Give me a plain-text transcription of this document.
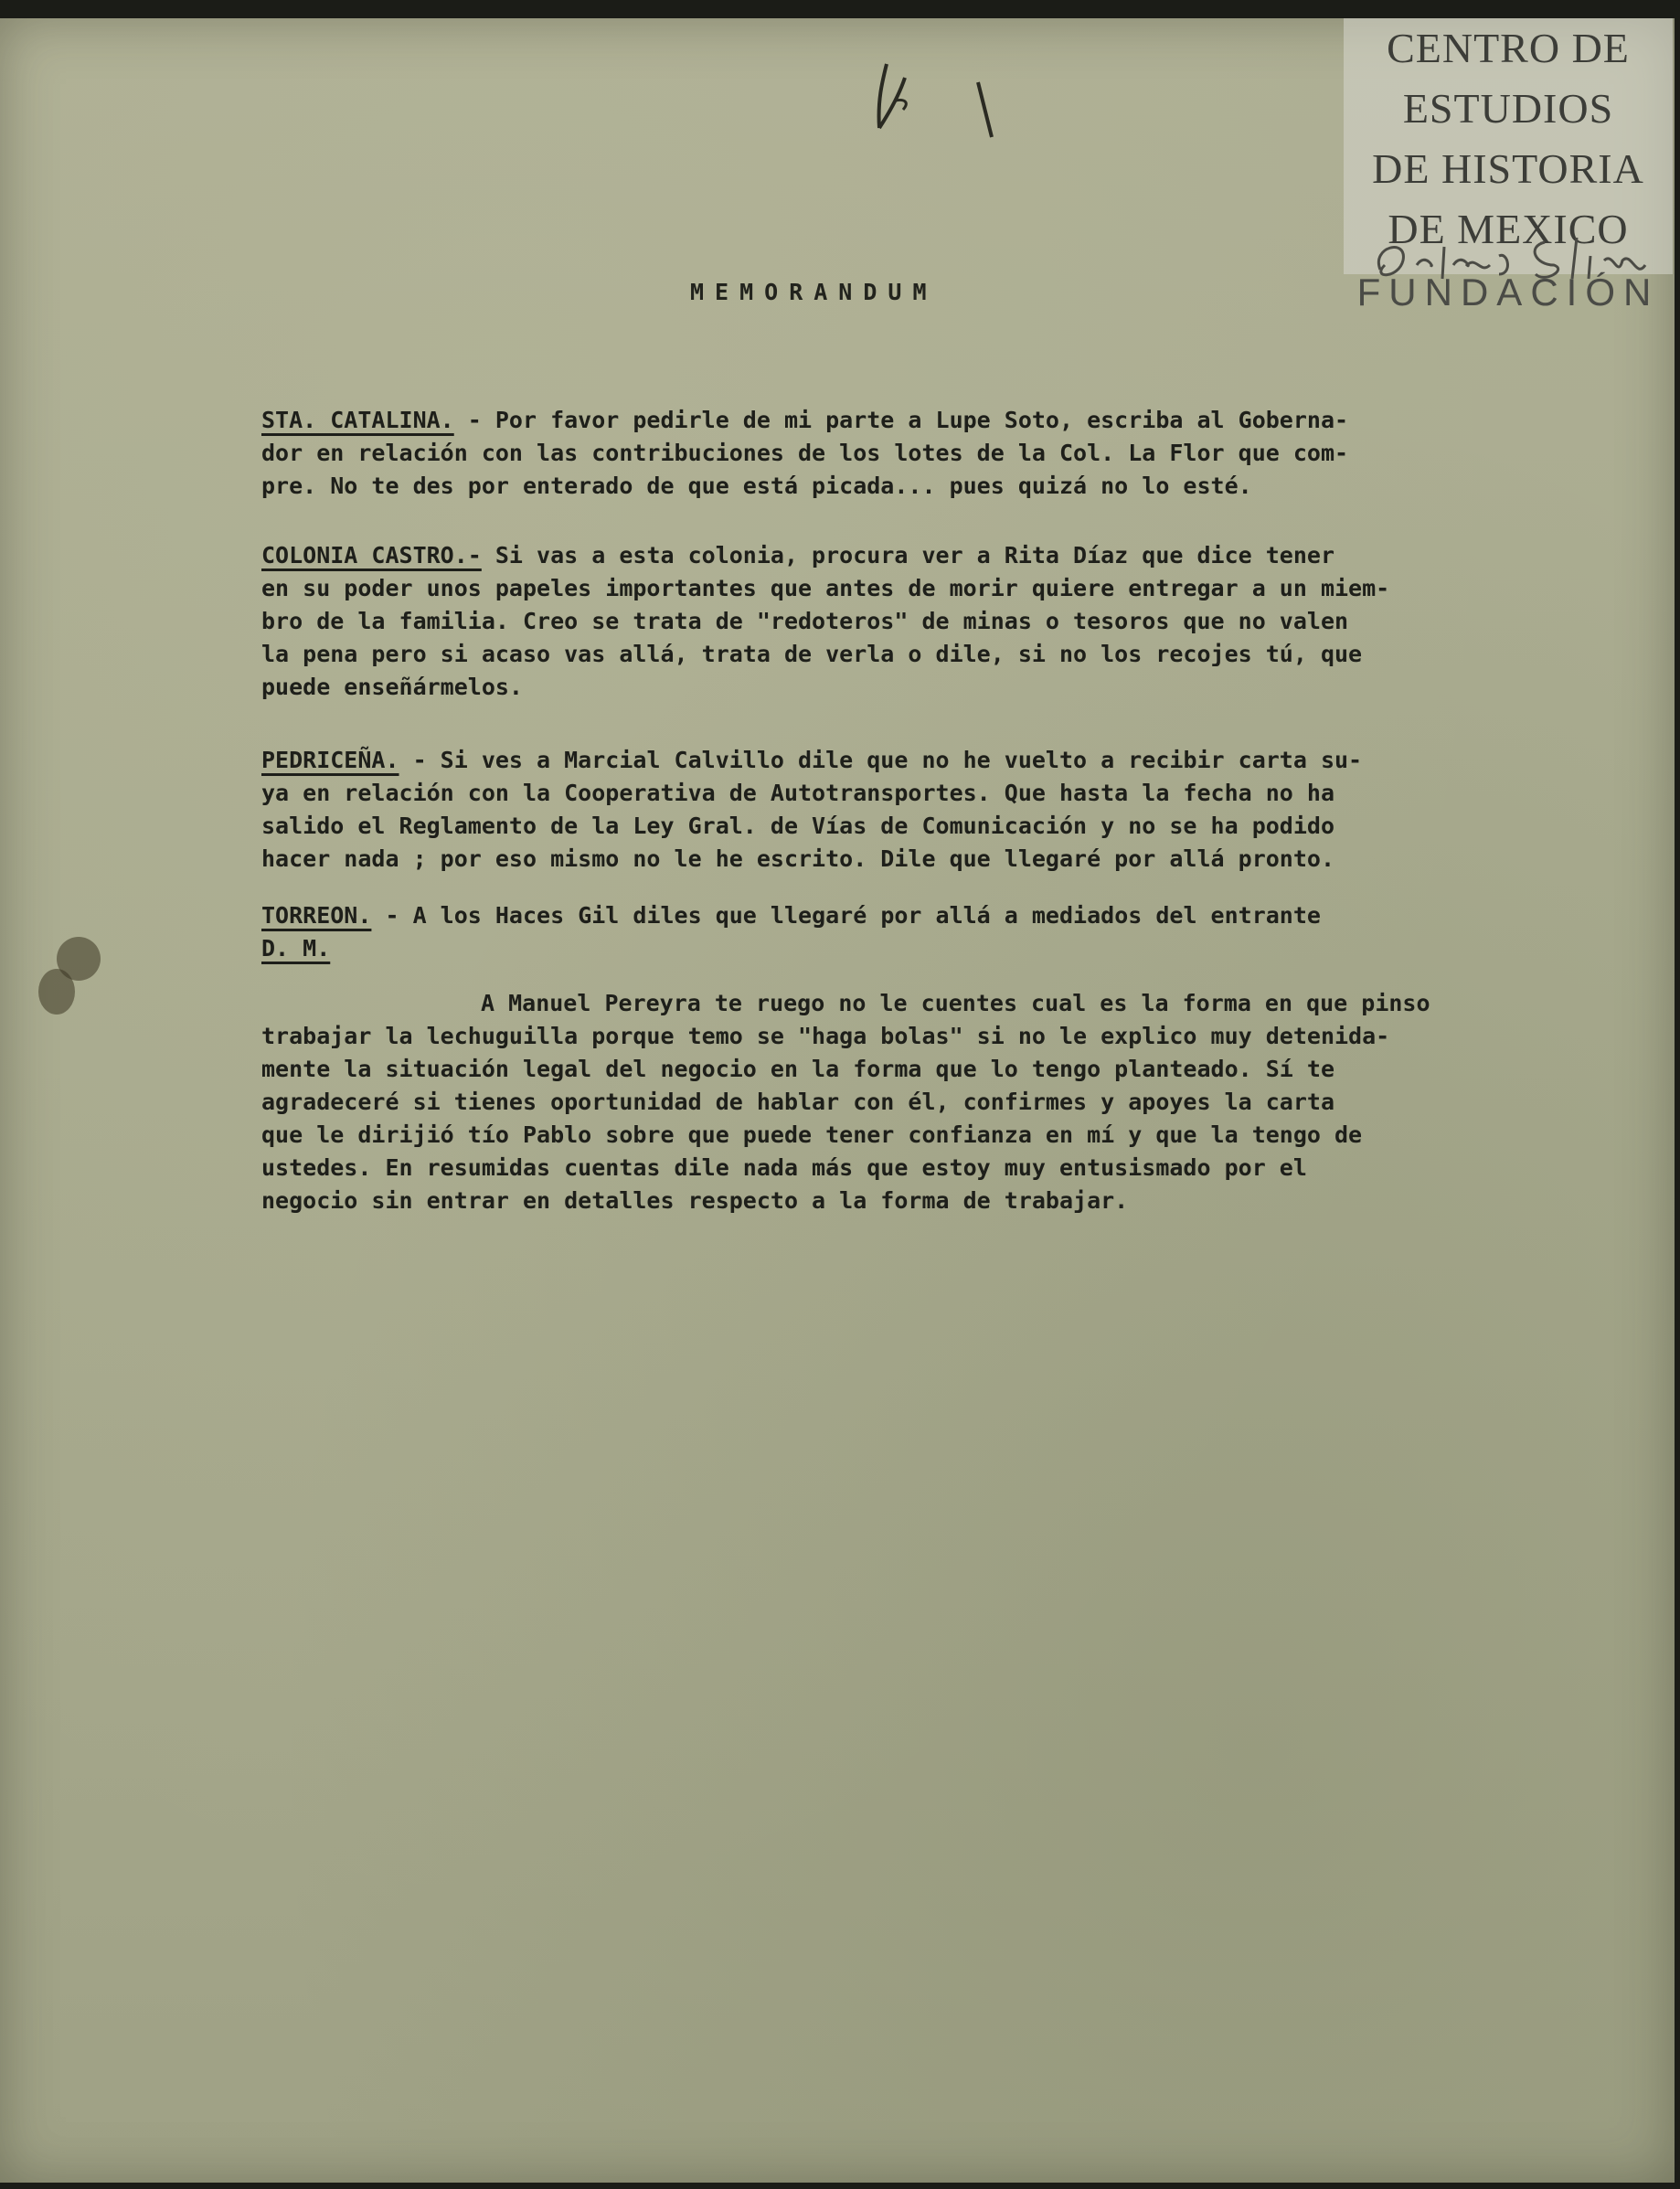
CENTRO DE
ESTUDIOS
DE HISTORIA
DE MEXICO
FUNDACIÓN
MEMORANDUM
STA. CATALINA. - Por favor pedirle de mi parte a Lupe Soto, escriba al Goberna-
dor en relación con las contribuciones de los lotes de la Col. La Flor que com-
pre. No te des por enterado de que está picada... pues quizá no lo esté.
COLONIA CASTRO.- Si vas a esta colonia, procura ver a Rita Díaz que dice tener
en su poder unos papeles importantes que antes de morir quiere entregar a un miem-
bro de la familia. Creo se trata de "redoteros" de minas o tesoros que no valen
la pena pero si acaso vas allá, trata de verla o dile, si no los recojes tú, que
puede enseñármelos.
PEDRICEÑA. - Si ves a Marcial Calvillo dile que no he vuelto a recibir carta su-
ya en relación con la Cooperativa de Autotransportes. Que hasta la fecha no ha
salido el Reglamento de la Ley Gral. de Vías de Comunicación y no se ha podido
hacer nada ; por eso mismo no le he escrito. Dile que llegaré por allá pronto.
TORREON. - A los Haces Gil diles que llegaré por allá a mediados del entrante
D. M.
A Manuel Pereyra te ruego no le cuentes cual es la forma en que pinso
trabajar la lechuguilla porque temo se "haga bolas" si no le explico muy detenida-
mente la situación legal del negocio en la forma que lo tengo planteado. Sí te
agradeceré si tienes oportunidad de hablar con él, confirmes y apoyes la carta
que le dirijió tío Pablo sobre que puede tener confianza en mí y que la tengo de
ustedes. En resumidas cuentas dile nada más que estoy muy entusismado por el
negocio sin entrar en detalles respecto a la forma de trabajar.
